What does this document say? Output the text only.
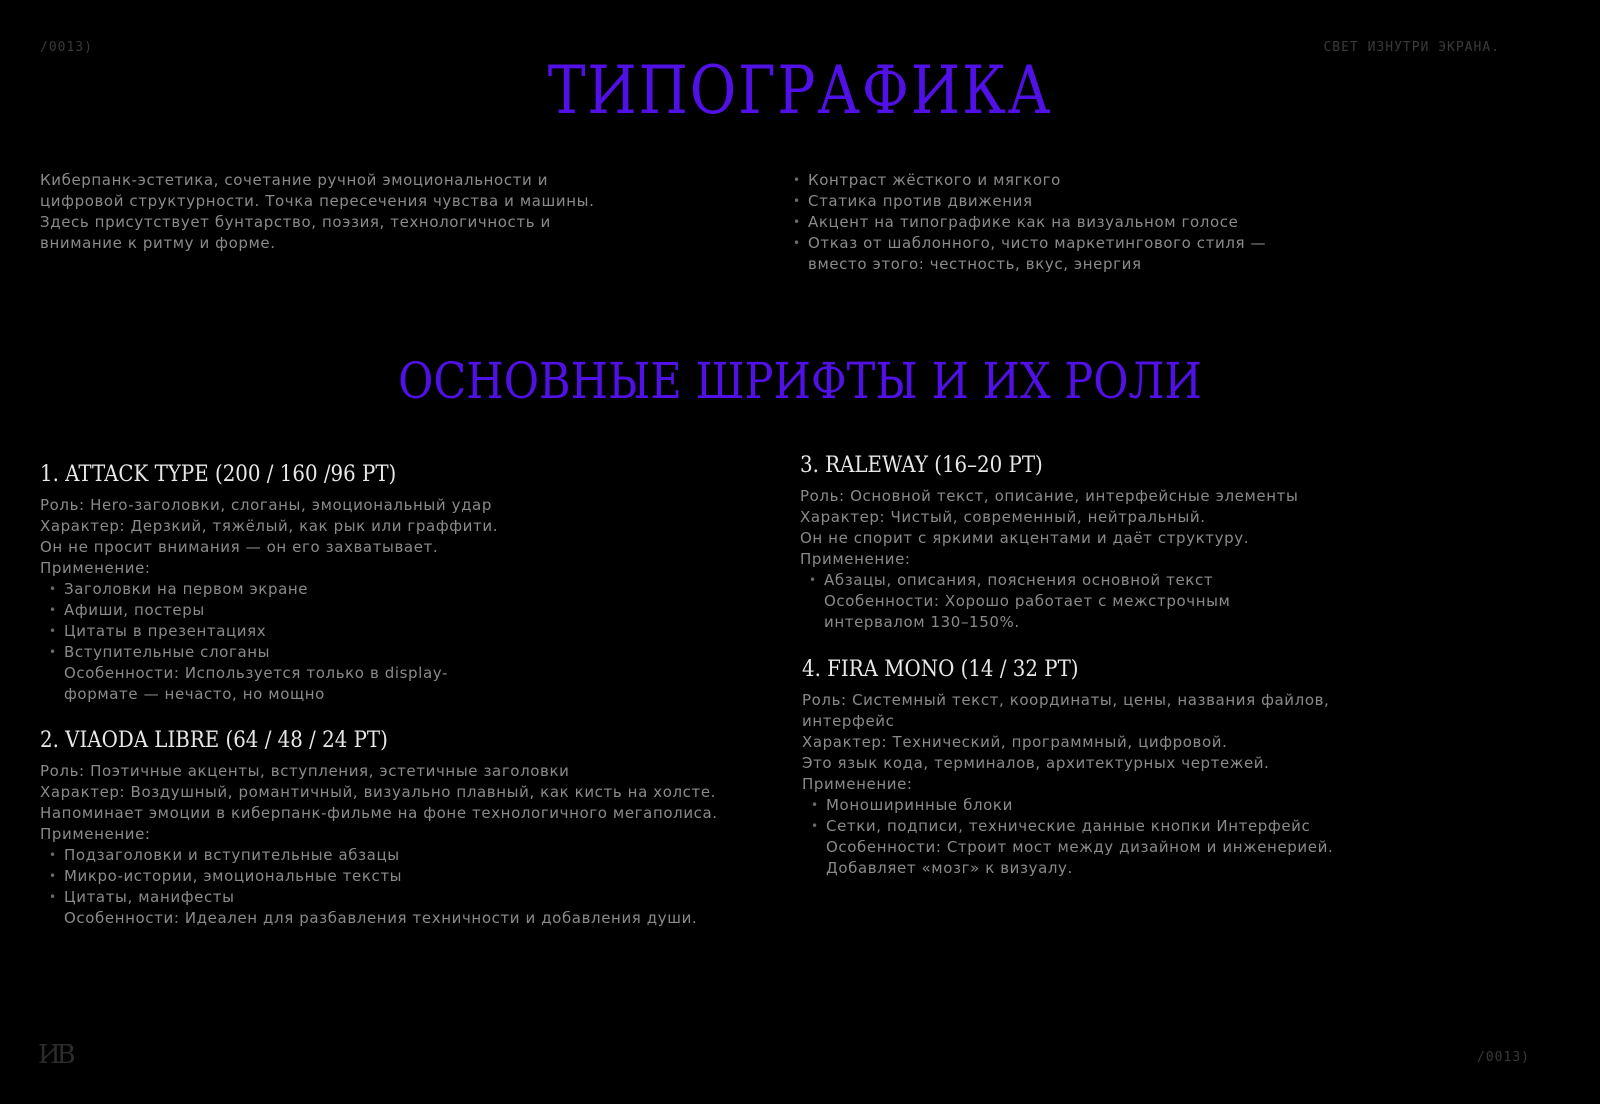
/0013)	СВЕТ ИЗНУТРИ ЭКРАНА.
ТИПОГРАФИКА
Киберпанк-эстетика, сочетание ручной эмоциональности и
цифровой структурности. Точка пересечения чувства и машины.
Здесь присутствует бунтарство, поэзия, технологичность и
внимание к ритму и форме.
• Контраст жёсткого и мягкого
• Статика против движения
• Акцент на типографике как на визуальном голосе
• Отказ от шаблонного, чисто маркетингового стиля — вместо этого: честность, вкус, энергия
ОСНОВНЫЕ ШРИФТЫ И ИХ РОЛИ
1. ATTACK TYPE (200 / 160 /96 PT)
Роль: Hero-заголовки, слоганы, эмоциональный удар
Характер: Дерзкий, тяжёлый, как рык или граффити.
Он не просит внимания — он его захватывает.
Применение:
• Заголовки на первом экране
• Афиши, постеры
• Цитаты в презентациях
• Вступительные слоганы
Особенности: Используется только в display-
формате — нечасто, но мощно
2. VIAODA LIBRE (64 / 48 / 24 PT)
Роль: Поэтичные акценты, вступления, эстетичные заголовки
Характер: Воздушный, романтичный, визуально плавный, как кисть на холсте.
Напоминает эмоции в киберпанк-фильме на фоне технологичного мегаполиса.
Применение:
• Подзаголовки и вступительные абзацы
• Микро-истории, эмоциональные тексты
• Цитаты, манифесты
Особенности: Идеален для разбавления техничности и добавления души.
3. RALEWAY (16–20 PT)
Роль: Основной текст, описание, интерфейсные элементы
Характер: Чистый, современный, нейтральный.
Он не спорит с яркими акцентами и даёт структуру.
Применение:
• Абзацы, описания, пояснения основной текст
Особенности: Хорошо работает с межстрочным
интервалом 130–150%.
4. FIRA MONO (14 / 32 PT)
Роль: Системный текст, координаты, цены, названия файлов,
интерфейс
Характер: Технический, программный, цифровой.
Это язык кода, терминалов, архитектурных чертежей.
Применение:
• Моноширинные блоки
• Сетки, подписи, технические данные кнопки Интерфейс
Особенности: Строит мост между дизайном и инженерией.
Добавляет «мозг» к визуалу.
ИВ	/0013)
